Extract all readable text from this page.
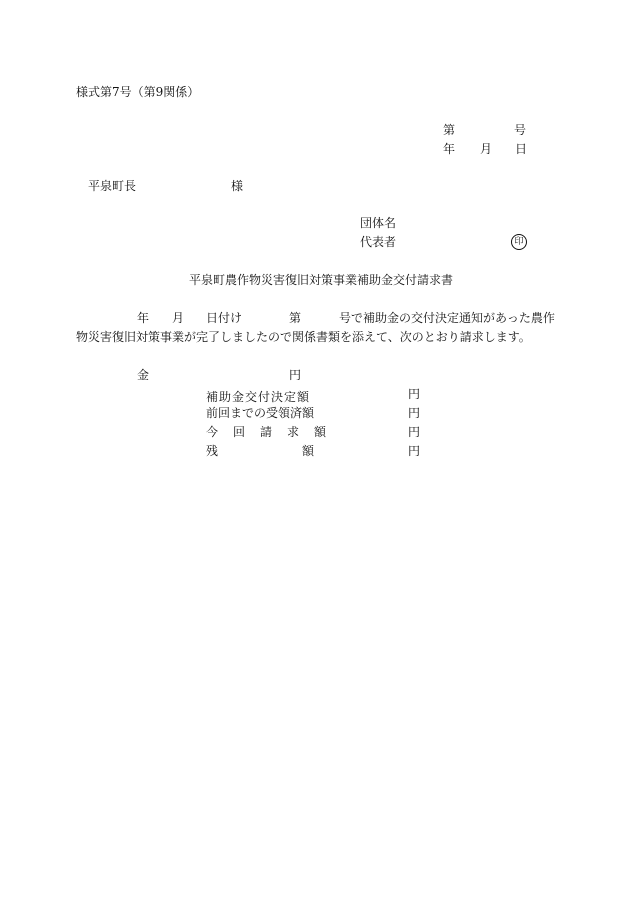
様式第7号（第9関係）
第	号
年 月 日
平泉町長	様
団体名
代表者	印
平泉町農作物災害復旧対策事業補助金交付請求書
年 月 日付け	第	号で補助金の交付決定通知があった農作
物災害復旧対策事業が完了しましたので関係書類を添えて、次のとおり請求します。
金	円
補助金交付決定額	円
前回までの受領済額	円
今回請求額	円
残額 円
